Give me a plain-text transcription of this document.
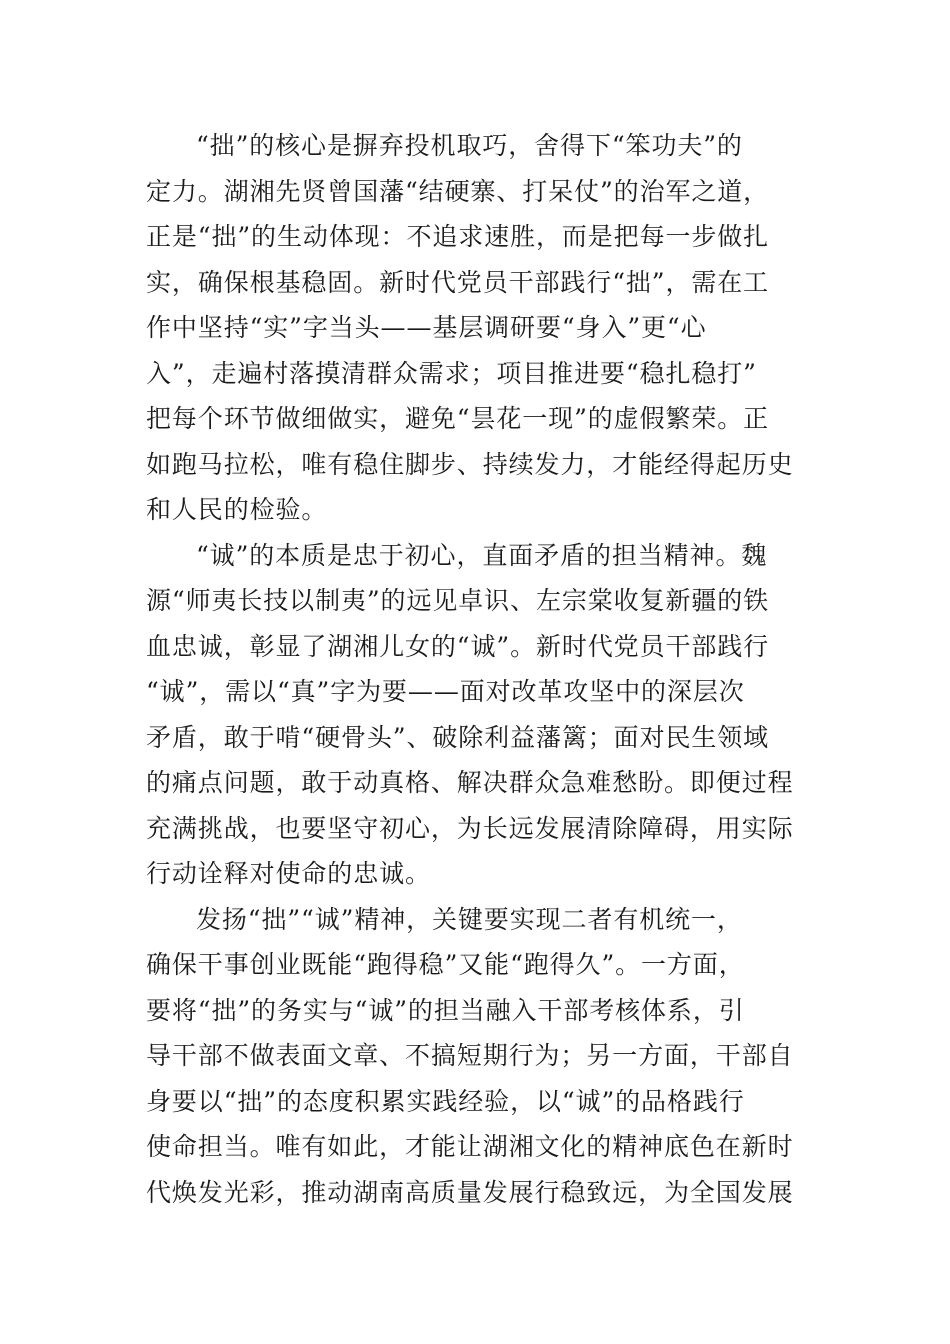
“拙”的核心是摒弃投机取巧，舍得下“笨功夫”的
定力。湖湘先贤曾国藩“结硬寨、打呆仗”的治军之道，
正是“拙”的生动体现：不追求速胜，而是把每一步做扎
实，确保根基稳固。新时代党员干部践行“拙”，需在工
作中坚持“实”字当头——基层调研要“身入”更“心
入”，走遍村落摸清群众需求；项目推进要“稳扎稳打”
把每个环节做细做实，避免“昙花一现”的虚假繁荣。正
如跑马拉松，唯有稳住脚步、持续发力，才能经得起历史
和人民的检验。
“诚”的本质是忠于初心，直面矛盾的担当精神。魏
源“师夷长技以制夷”的远见卓识、左宗棠收复新疆的铁
血忠诚，彰显了湖湘儿女的“诚”。新时代党员干部践行
“诚”，需以“真”字为要——面对改革攻坚中的深层次
矛盾，敢于啃“硬骨头”、破除利益藩篱；面对民生领域
的痛点问题，敢于动真格、解决群众急难愁盼。即便过程
充满挑战，也要坚守初心，为长远发展清除障碍，用实际
行动诠释对使命的忠诚。
发扬“拙”“诚”精神，关键要实现二者有机统一，
确保干事创业既能“跑得稳”又能“跑得久”。一方面，
要将“拙”的务实与“诚”的担当融入干部考核体系，引
导干部不做表面文章、不搞短期行为；另一方面，干部自
身要以“拙”的态度积累实践经验，以“诚”的品格践行
使命担当。唯有如此，才能让湖湘文化的精神底色在新时
代焕发光彩，推动湖南高质量发展行稳致远，为全国发展
